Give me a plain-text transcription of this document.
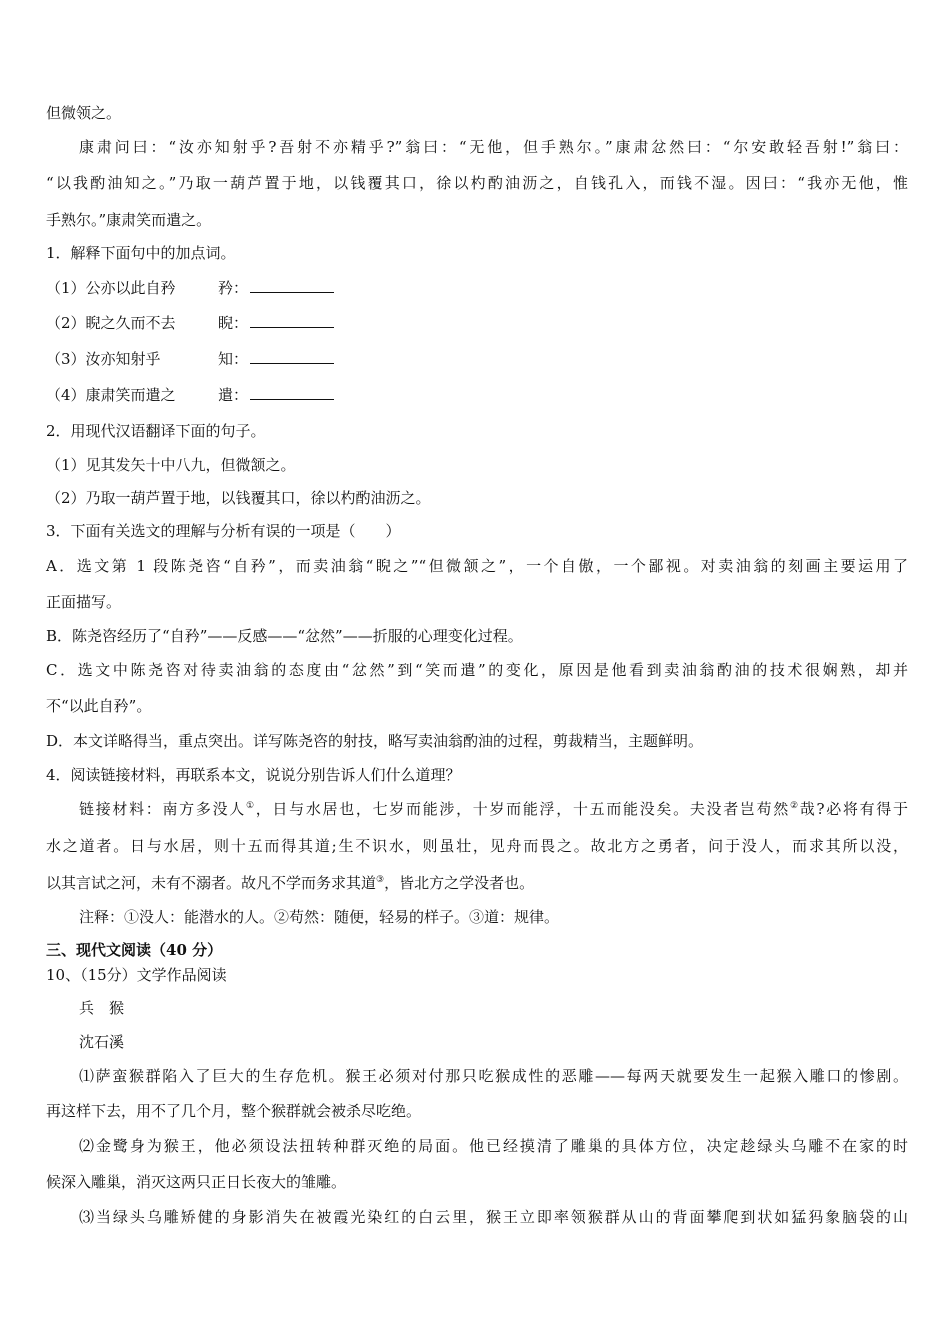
但微领之。
康肃问曰：“汝亦知射乎?吾射不亦精乎?”翁曰：“无他，但手熟尔。”康肃忿然曰：“尔安敢轻吾射!”翁曰：
“以我酌油知之。”乃取一葫芦置于地，以钱覆其口，徐以杓酌油沥之，自钱孔入，而钱不湿。因曰：“我亦无他，惟
手熟尔。”康肃笑而遣之。
1．解释下面句中的加点词。
（1）公亦以此自矜	矜：
（2）睨之久而不去	睨：
（3）汝亦知射乎	知：
（4）康肃笑而遣之	遣：
2．用现代汉语翻译下面的句子。
（1）见其发矢十中八九，但微颔之。
（2）乃取一葫芦置于地，以钱覆其口，徐以杓酌油沥之。
3．下面有关选文的理解与分析有误的一项是（　　）
A．选文第 1 段陈尧咨“自矜”，而卖油翁“睨之”“但微颔之”，一个自傲，一个鄙视。对卖油翁的刻画主要运用了
正面描写。
B．陈尧咨经历了“自矜”——反感——“忿然”——折服的心理变化过程。
C．选文中陈尧咨对待卖油翁的态度由“忿然”到“笑而遣”的变化，原因是他看到卖油翁酌油的技术很娴熟，却并
不“以此自矜”。
D．本文详略得当，重点突出。详写陈尧咨的射技，略写卖油翁酌油的过程，剪裁精当，主题鲜明。
4．阅读链接材料，再联系本文，说说分别告诉人们什么道理？
链接材料：南方多没人①，日与水居也，七岁而能涉，十岁而能浮，十五而能没矣。夫没者岂苟然②哉?必将有得于
水之道者。日与水居，则十五而得其道;生不识水，则虽壮，见舟而畏之。故北方之勇者，问于没人，而求其所以没，
以其言试之河，未有不溺者。故凡不学而务求其道③，皆北方之学没者也。
注释：①没人：能潜水的人。②苟然：随便，轻易的样子。③道：规律。
三、现代文阅读（40 分）
10、（15分）文学作品阅读
兵　猴
沈石溪
⑴萨蛮猴群陷入了巨大的生存危机。猴王必须对付那只吃猴成性的恶雕——每两天就要发生一起猴入雕口的惨剧。
再这样下去，用不了几个月，整个猴群就会被杀尽吃绝。
⑵金鹭身为猴王，他必须设法扭转种群灭绝的局面。他已经摸清了雕巢的具体方位，决定趁绿头乌雕不在家的时
候深入雕巢，消灭这两只正日长夜大的雏雕。
⑶当绿头乌雕矫健的身影消失在被霞光染红的白云里，猴王立即率领猴群从山的背面攀爬到状如猛犸象脑袋的山
